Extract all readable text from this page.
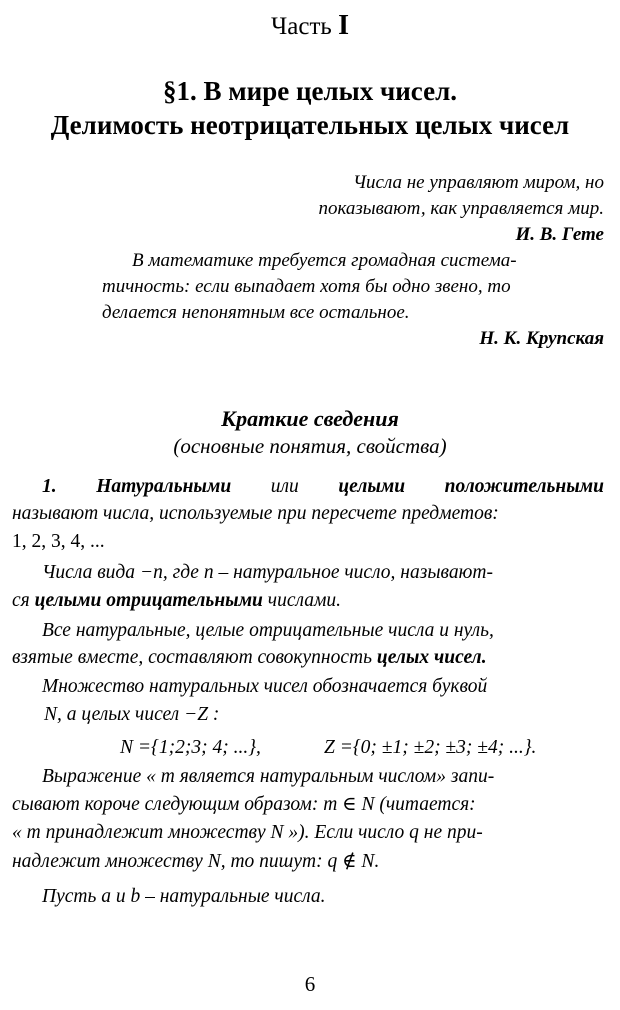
Часть I
§1. В мире целых чисел.
Делимость неотрицательных целых чисел
Числа не управляют миром, но
показывают, как управляется мир.
И. В. Гете
В математике требуется громадная система-
тичность: если выпадает хотя бы одно звено, то
делается непонятным все остальное.
Н. К. Крупская
Краткие сведения
(основные понятия, свойства)
1. Натуральными или целыми положительными
называют числа, используемые при пересчете предметов:
1, 2, 3, 4, ...
Числа вида −n, где n – натуральное число, называют-
ся целыми отрицательными числами.
Все натуральные, целые отрицательные числа и нуль,
взятые вместе, составляют совокупность целых чисел.
Множество натуральных чисел обозначается буквой
N, а целых чисел −Z :
N ={1;2;3; 4; ...},	Z ={0; ±1; ±2; ±3; ±4; ...}.
Выражение « m является натуральным числом» запи-
сывают короче следующим образом: m ∈ N (читается:
« m принадлежит множеству N »). Если число q не при-
надлежит множеству N, то пишут: q ∉ N.
Пусть a и b – натуральные числа.
6
